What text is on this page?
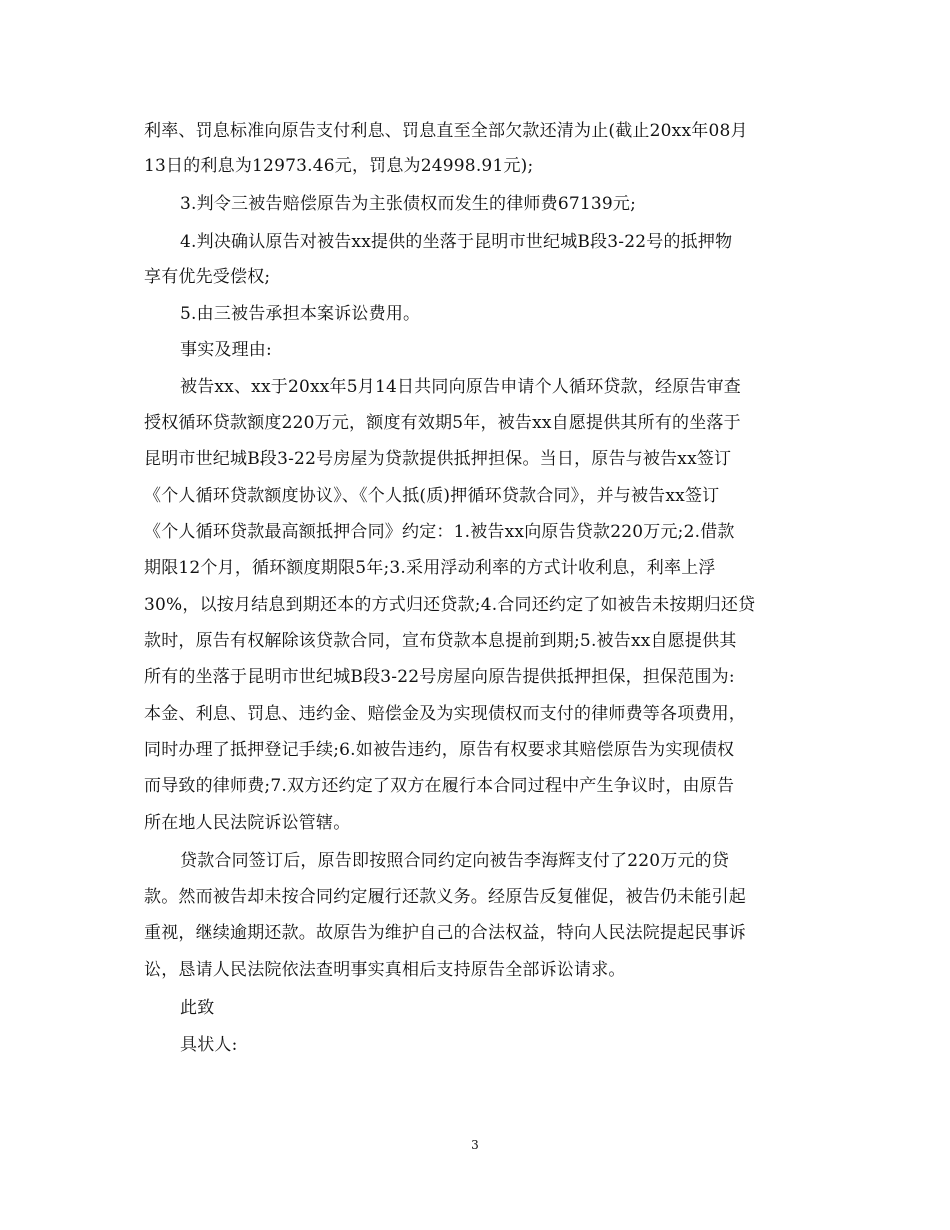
利率、罚息标准向原告支付利息、罚息直至全部欠款还清为止(截止20xx年08月
13日的利息为12973.46元，罚息为24998.91元);
3.判令三被告赔偿原告为主张债权而发生的律师费67139元;
4.判决确认原告对被告xx提供的坐落于昆明市世纪城B段3-22号的抵押物
享有优先受偿权;
5.由三被告承担本案诉讼费用。
事实及理由:
被告xx、xx于20xx年5月14日共同向原告申请个人循环贷款，经原告审查
授权循环贷款额度220万元，额度有效期5年，被告xx自愿提供其所有的坐落于
昆明市世纪城B段3-22号房屋为贷款提供抵押担保。当日，原告与被告xx签订
《个人循环贷款额度协议》、《个人抵(质)押循环贷款合同》，并与被告xx签订
《个人循环贷款最高额抵押合同》约定：1.被告xx向原告贷款220万元;2.借款
期限12个月，循环额度期限5年;3.采用浮动利率的方式计收利息，利率上浮
30%，以按月结息到期还本的方式归还贷款;4.合同还约定了如被告未按期归还贷
款时，原告有权解除该贷款合同，宣布贷款本息提前到期;5.被告xx自愿提供其
所有的坐落于昆明市世纪城B段3-22号房屋向原告提供抵押担保，担保范围为:
本金、利息、罚息、违约金、赔偿金及为实现债权而支付的律师费等各项费用，
同时办理了抵押登记手续;6.如被告违约，原告有权要求其赔偿原告为实现债权
而导致的律师费;7.双方还约定了双方在履行本合同过程中产生争议时，由原告
所在地人民法院诉讼管辖。
贷款合同签订后，原告即按照合同约定向被告李海辉支付了220万元的贷
款。然而被告却未按合同约定履行还款义务。经原告反复催促，被告仍未能引起
重视，继续逾期还款。故原告为维护自己的合法权益，特向人民法院提起民事诉
讼，恳请人民法院依法查明事实真相后支持原告全部诉讼请求。
此致
具状人:
3
